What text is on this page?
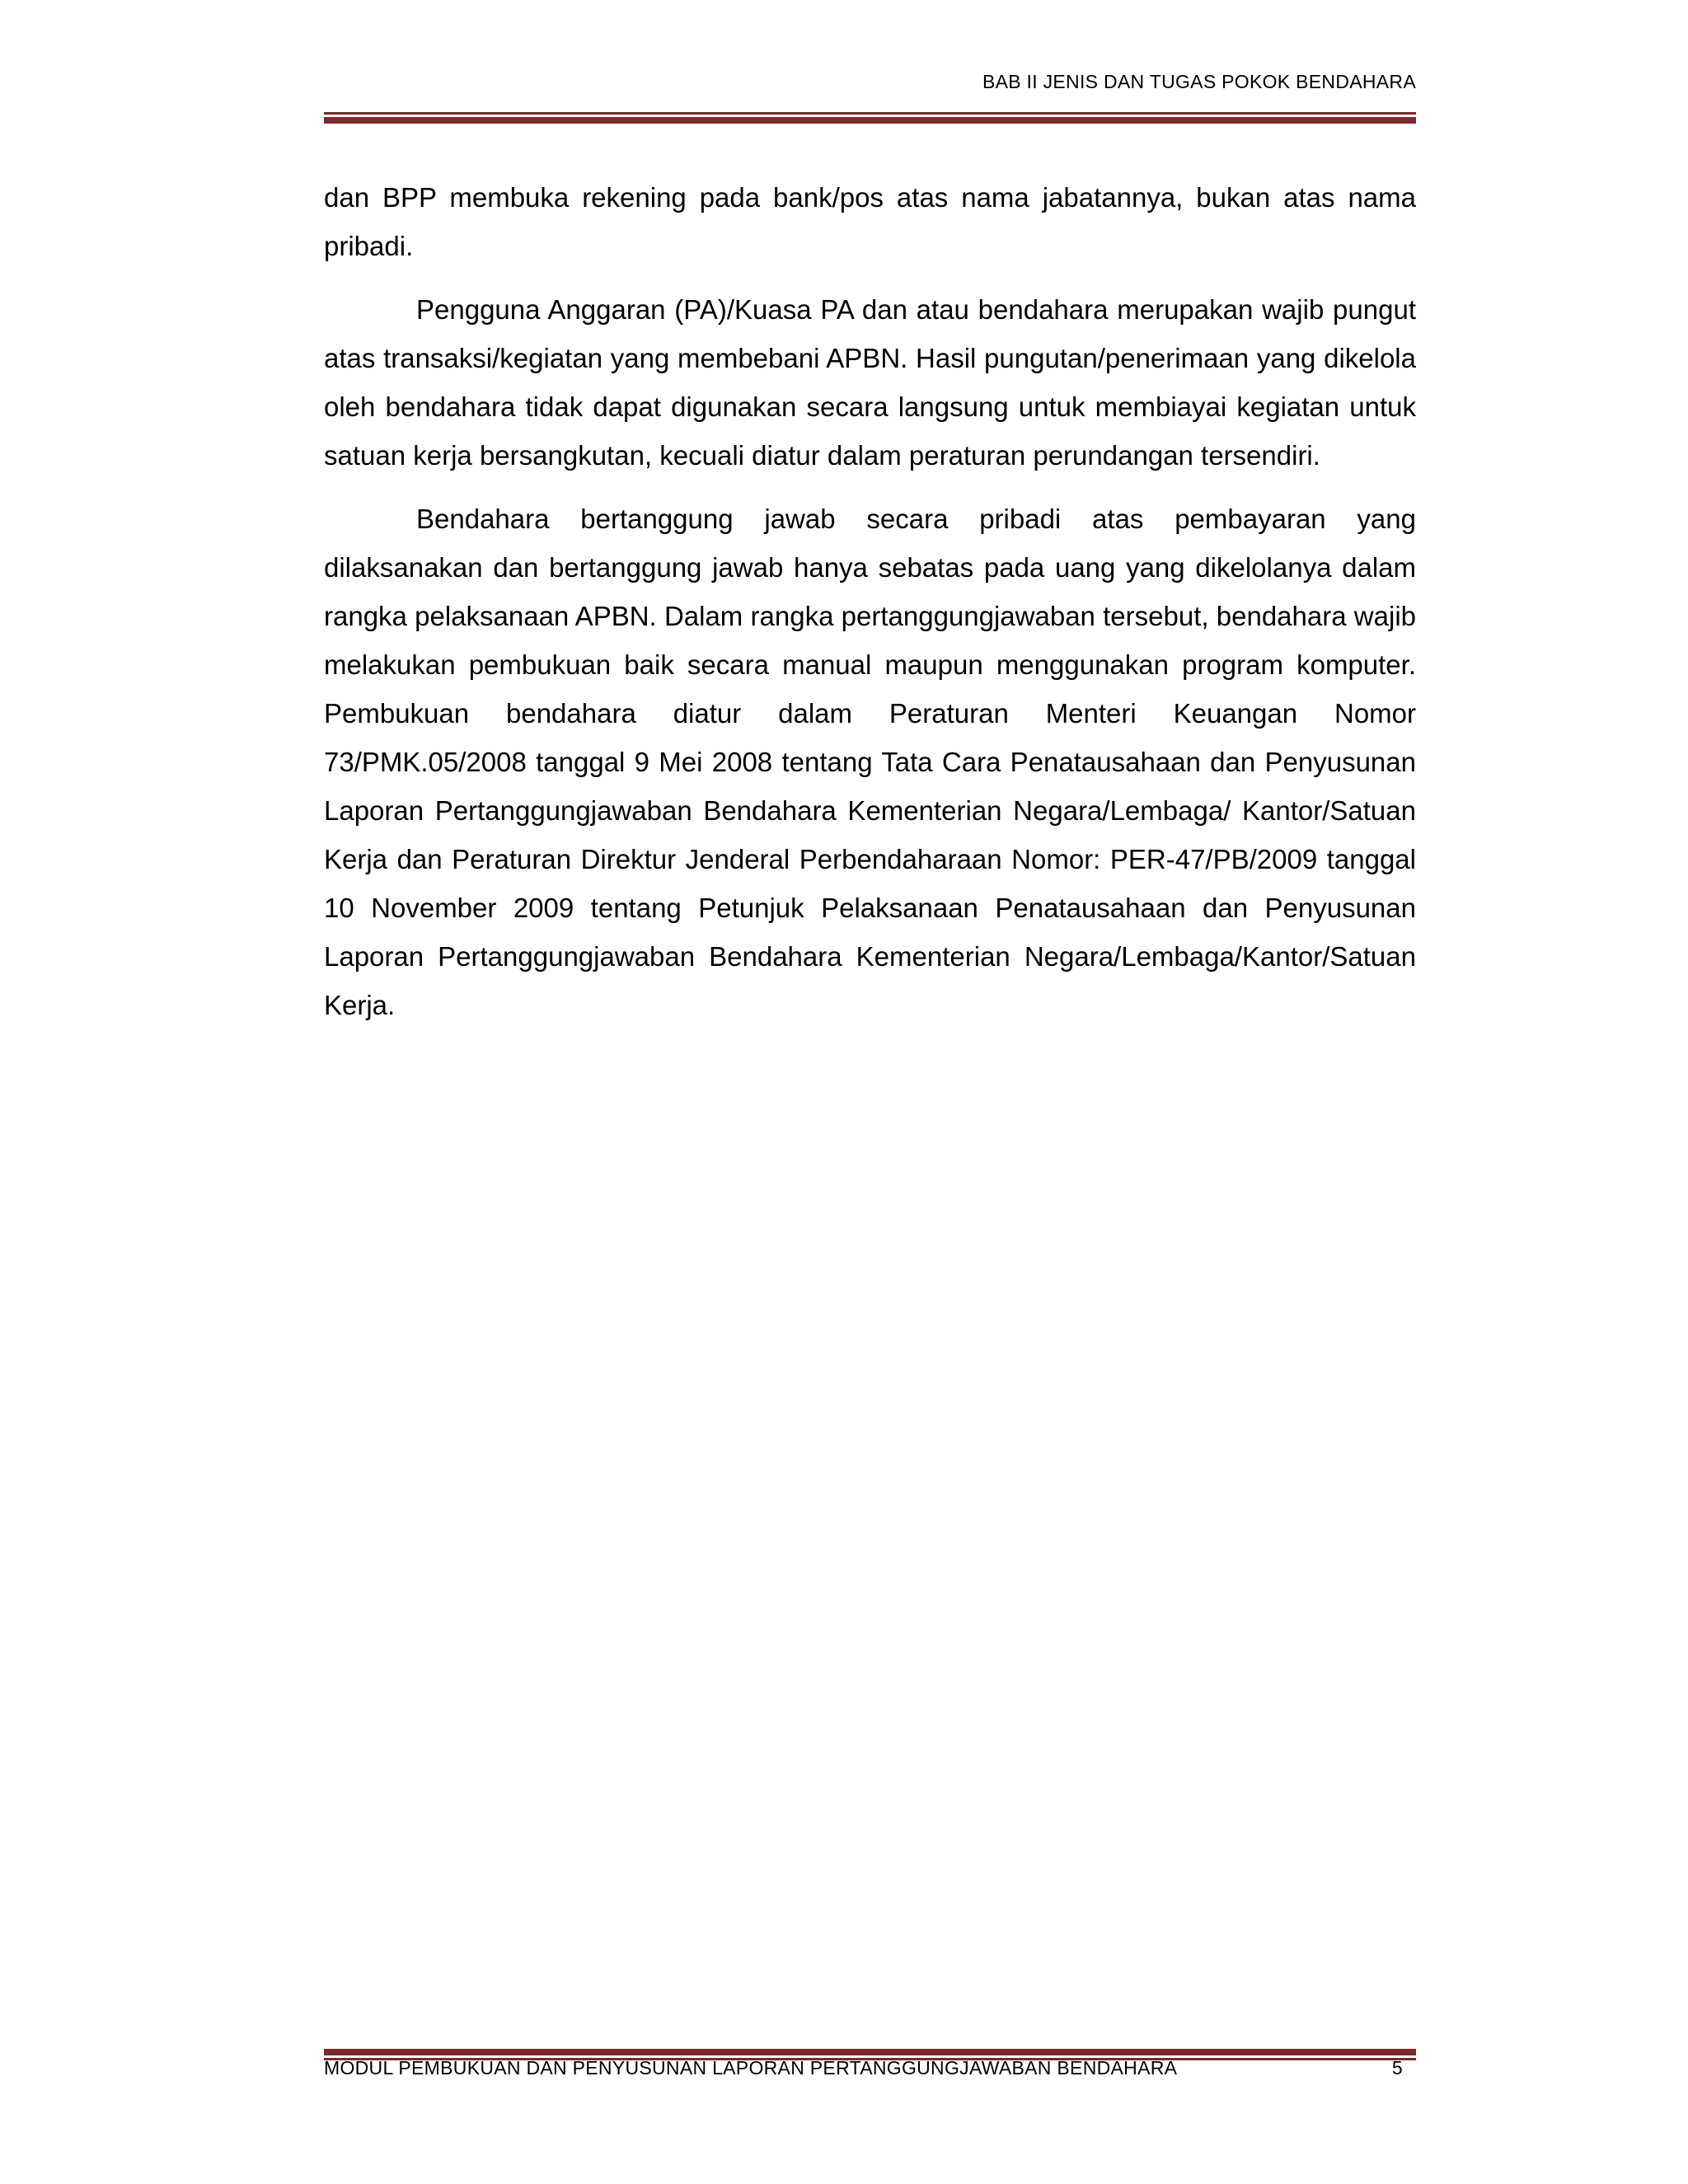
BAB II JENIS DAN TUGAS POKOK BENDAHARA

dan BPP membuka rekening pada bank/pos atas nama jabatannya, bukan atas nama pribadi.

Pengguna Anggaran (PA)/Kuasa PA dan atau bendahara merupakan wajib pungut atas transaksi/kegiatan yang membebani APBN. Hasil pungutan/penerimaan yang dikelola oleh bendahara tidak dapat digunakan secara langsung untuk membiayai kegiatan untuk satuan kerja bersangkutan, kecuali diatur dalam peraturan perundangan tersendiri.

Bendahara bertanggung jawab secara pribadi atas pembayaran yang dilaksanakan dan bertanggung jawab hanya sebatas pada uang yang dikelolanya dalam rangka pelaksanaan APBN. Dalam rangka pertanggungjawaban tersebut, bendahara wajib melakukan pembukuan baik secara manual maupun menggunakan program komputer. Pembukuan bendahara diatur dalam Peraturan Menteri Keuangan Nomor 73/PMK.05/2008 tanggal 9 Mei 2008 tentang Tata Cara Penatausahaan dan Penyusunan Laporan Pertanggungjawaban Bendahara Kementerian Negara/Lembaga/ Kantor/Satuan Kerja dan Peraturan Direktur Jenderal Perbendaharaan Nomor: PER-47/PB/2009 tanggal 10 November 2009 tentang Petunjuk Pelaksanaan Penatausahaan dan Penyusunan Laporan Pertanggungjawaban Bendahara Kementerian Negara/Lembaga/Kantor/Satuan Kerja.

MODUL PEMBUKUAN DAN PENYUSUNAN LAPORAN PERTANGGUNGJAWABAN BENDAHARA	5
